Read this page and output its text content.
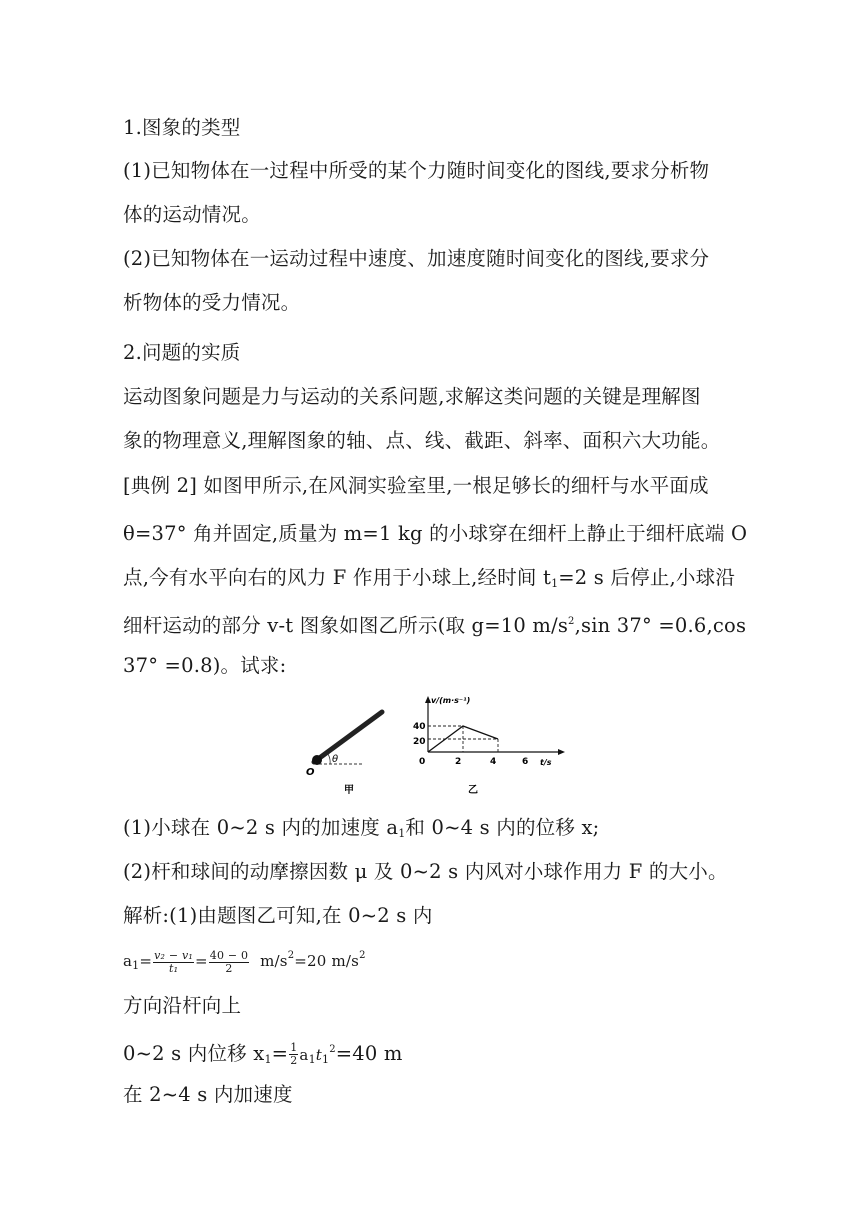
1.图象的类型
(1)已知物体在一过程中所受的某个力随时间变化的图线,要求分析物
体的运动情况。
(2)已知物体在一运动过程中速度、加速度随时间变化的图线,要求分
析物体的受力情况。
2.问题的实质
运动图象问题是力与运动的关系问题,求解这类问题的关键是理解图
象的物理意义,理解图象的轴、点、线、截距、斜率、面积六大功能。
[典例 2] 如图甲所示,在风洞实验室里,一根足够长的细杆与水平面成
θ=37° 角并固定,质量为 m=1 kg 的小球穿在细杆上静止于细杆底端 O
点,今有水平向右的风力 F 作用于小球上,经时间 $t_1=2$ s 后停止,小球沿
细杆运动的部分 v-t 图象如图乙所示(取 g=10 $m/s^2,\sin$ 37° =0.6,cos
37° =0.8)。试求:
O
θ
甲
v/(m·s⁻¹)
t/s
40
20
0	2	4	6
乙
(1)小球在 0~2 s 内的加速度 $a_1$和 0~4 s 内的位移 x;
(2)杆和球间的动摩擦因数 μ 及 0~2 s 内风对小球作用力 F 的大小。
解析:(1)由题图乙可知,在 0~2 s 内
$a_1= \frac{\text{v₂ − v₁}}{\text{t₁}} = \frac{40 - 0}{2} m/s^2=20$ $m/s^2$
方向沿杆向上
0~2 s 内位移 $x_1= \frac{1}{2} a_1t_1^2=40$ m
在 2~4 s 内加速度
